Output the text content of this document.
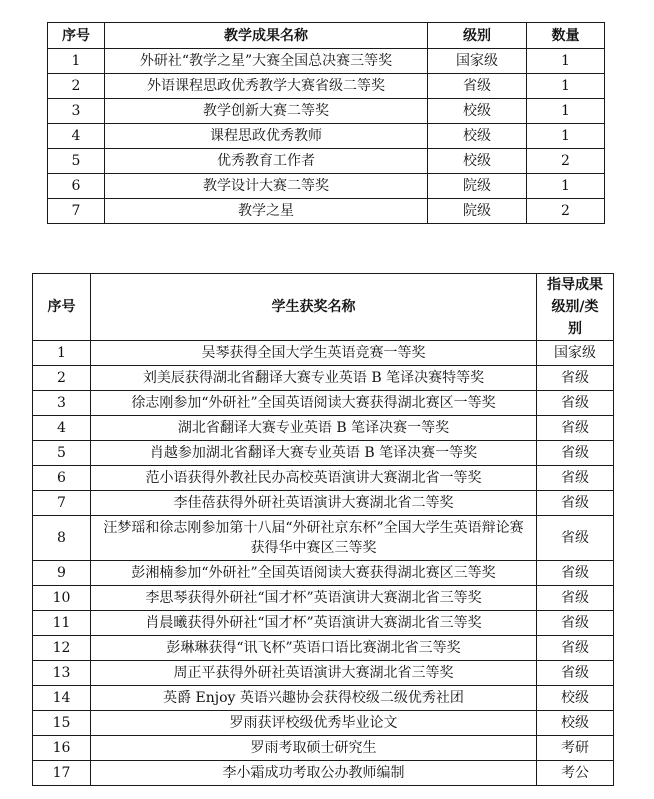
序号	教学成果名称	级别	数量
1	外研社“教学之星”大赛全国总决赛三等奖	国家级	1
2	外语课程思政优秀教学大赛省级二等奖	省级	1
3	教学创新大赛二等奖	校级	1
4	课程思政优秀教师	校级	1
5	优秀教育工作者	校级	2
6	教学设计大赛二等奖	院级	1
7	教学之星	院级	2
序号	学生获奖名称	指导成果级别/类别
1	吴琴获得全国大学生英语竞赛一等奖	国家级
2	刘美辰获得湖北省翻译大赛专业英语 B 笔译决赛特等奖	省级
3	徐志刚参加“外研社”全国英语阅读大赛获得湖北赛区一等奖	省级
4	湖北省翻译大赛专业英语 B 笔译决赛一等奖	省级
5	肖越参加湖北省翻译大赛专业英语 B 笔译决赛一等奖	省级
6	范小语获得外教社民办高校英语演讲大赛湖北省一等奖	省级
7	李佳蓓获得外研社英语演讲大赛湖北省二等奖	省级
8	汪梦瑶和徐志刚参加第十八届“外研社京东杯”全国大学生英语辩论赛获得华中赛区三等奖	省级
9	彭湘楠参加“外研社”全国英语阅读大赛获得湖北赛区三等奖	省级
10	李思琴获得外研社“国才杯”英语演讲大赛湖北省三等奖	省级
11	肖晨曦获得外研社“国才杯”英语演讲大赛湖北省三等奖	省级
12	彭琳琳获得“讯飞杯”英语口语比赛湖北省三等奖	省级
13	周正平获得外研社英语演讲大赛湖北省三等奖	省级
14	英爵 Enjoy 英语兴趣协会获得校级二级优秀社团	校级
15	罗雨获评校级优秀毕业论文	校级
16	罗雨考取硕士研究生	考研
17	李小霜成功考取公办教师编制	考公
